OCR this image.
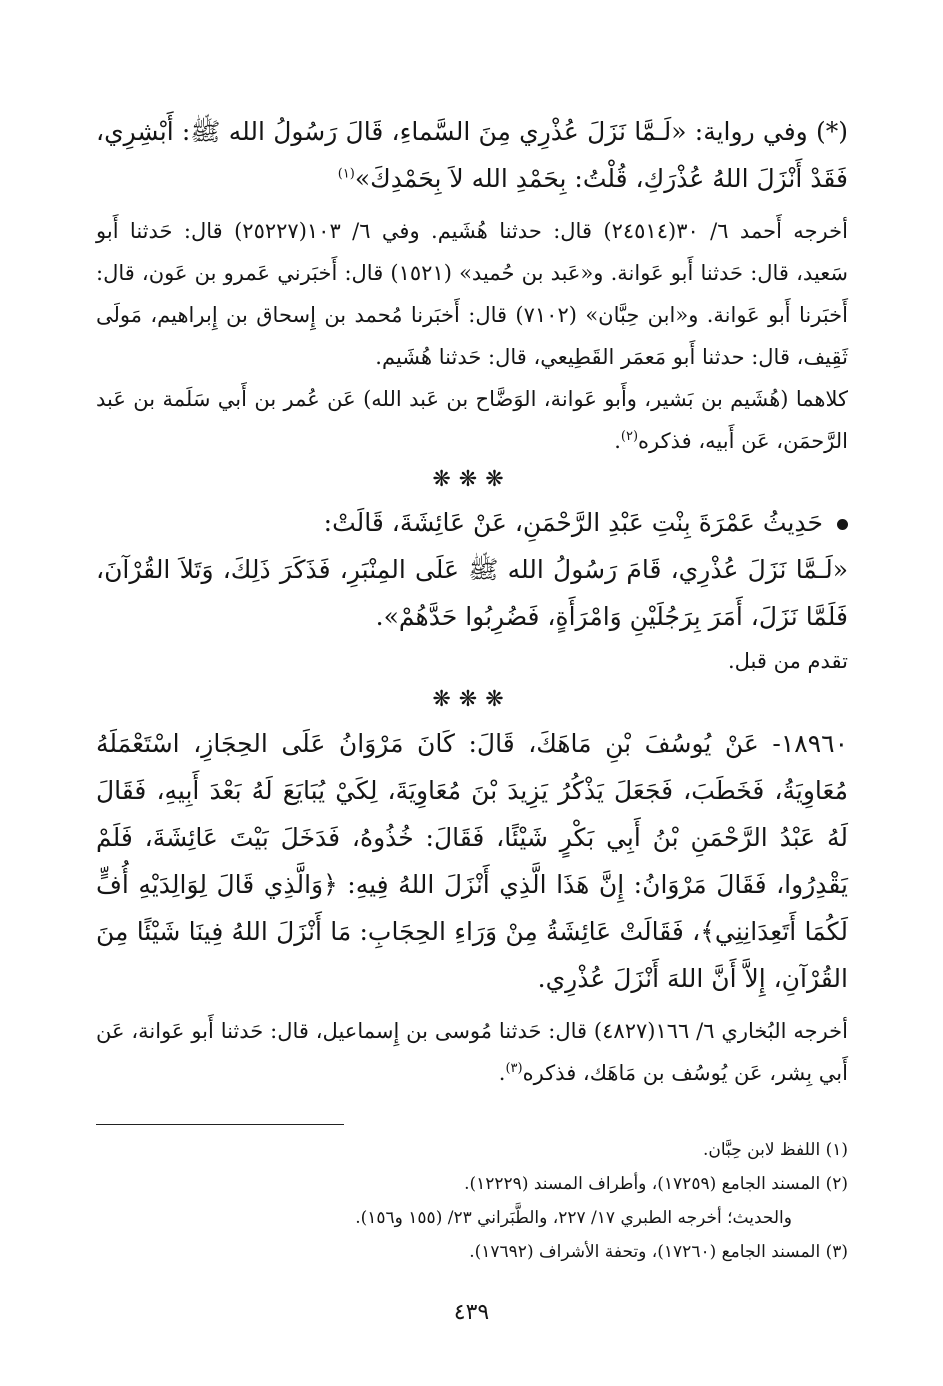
(*) وفي رواية: «لَـمَّا نَزَلَ عُذْرِي مِنَ السَّماءِ، قَالَ رَسُولُ الله ﷺ: أَبْشِرِي، فَقَدْ أَنْزَلَ اللهُ عُذْرَكِ، قُلْتُ: بِحَمْدِ الله لاَ بِحَمْدِكَ»$^{(١)}$

أخرجه أَحمد ٦/ ٣٠(٢٤٥١٤) قال: حدثنا هُشَيم. وفي ٦/ ١٠٣(٢٥٢٢٧) قال: حَدثنا أَبو سَعيد، قال: حَدثنا أَبو عَوانة. و«عَبد بن حُميد» (١٥٢١) قال: أَخبَرني عَمرو بن عَون، قال: أَخبَرنا أَبو عَوانة. و«ابن حِبَّان» (٧١٠٢) قال: أَخبَرنا مُحمد بن إِسحاق بن إِبراهيم، مَولَى ثَقِيف، قال: حدثنا أَبو مَعمَر القَطِيعي، قال: حَدثنا هُشَيم.

كلاهما (هُشَيم بن بَشير، وأَبو عَوانة، الوَضَّاح بن عَبد الله) عَن عُمر بن أَبي سَلَمة بن عَبد الرَّحمَن، عَن أَبيه، فذكره$^{(٢)}$.

❋❋❋

حَدِيثُ عَمْرَةَ بِنْتِ عَبْدِ الرَّحْمَنِ، عَنْ عَائِشَةَ، قَالَتْ:

«لَـمَّا نَزَلَ عُذْرِي، قَامَ رَسُولُ الله ﷺ عَلَى المِنْبَرِ، فَذَكَرَ ذَلِكَ، وَتَلاَ القُرْآنَ، فَلَمَّا نَزَلَ، أَمَرَ بِرَجُلَيْنِ وَامْرَأَةٍ، فَضُرِبُوا حَدَّهُمْ».

تقدم من قبل.

❋❋❋

١٨٩٦٠- عَنْ يُوسُفَ بْنِ مَاهَكَ، قَالَ: كَانَ مَرْوَانُ عَلَى الحِجَازِ، اسْتَعْمَلَهُ مُعَاوِيَةُ، فَخَطَبَ، فَجَعَلَ يَذْكُرُ يَزِيدَ بْنَ مُعَاوِيَةَ، لِكَيْ يُبَايَعَ لَهُ بَعْدَ أَبِيهِ، فَقَالَ لَهُ عَبْدُ الرَّحْمَنِ بْنُ أَبِي بَكْرٍ شَيْئًا، فَقَالَ: خُذُوهُ، فَدَخَلَ بَيْتَ عَائِشَةَ، فَلَمْ يَقْدِرُوا، فَقَالَ مَرْوَانُ: إِنَّ هَذَا الَّذِي أَنْزَلَ اللهُ فِيهِ: ﴿وَالَّذِي قَالَ لِوَالِدَيْهِ أُفٍّ لَكُمَا أَتَعِدَانِنِي﴾، فَقَالَتْ عَائِشَةُ مِنْ وَرَاءِ الحِجَابِ: مَا أَنْزَلَ اللهُ فِينَا شَيْئًا مِنَ القُرْآنِ، إِلاَّ أَنَّ اللهَ أَنْزَلَ عُذْرِي.

أخرجه البُخاري ٦/ ١٦٦(٤٨٢٧) قال: حَدثنا مُوسى بن إِسماعيل، قال: حَدثنا أَبو عَوانة، عَن أَبي بِشر، عَن يُوسُف بن مَاهَك، فذكره$^{(٣)}$.

(١) اللفظ لابن حِبَّان.

(٢) المسند الجامع (١٧٢٥٩)، وأطراف المسند (١٢٢٢٩).

والحديث؛ أخرجه الطبري ١٧/ ٢٢٧، والطَّبَراني ٢٣/ (١٥٥ و١٥٦).

(٣) المسند الجامع (١٧٢٦٠)، وتحفة الأشراف (١٧٦٩٢).

٤٣٩
